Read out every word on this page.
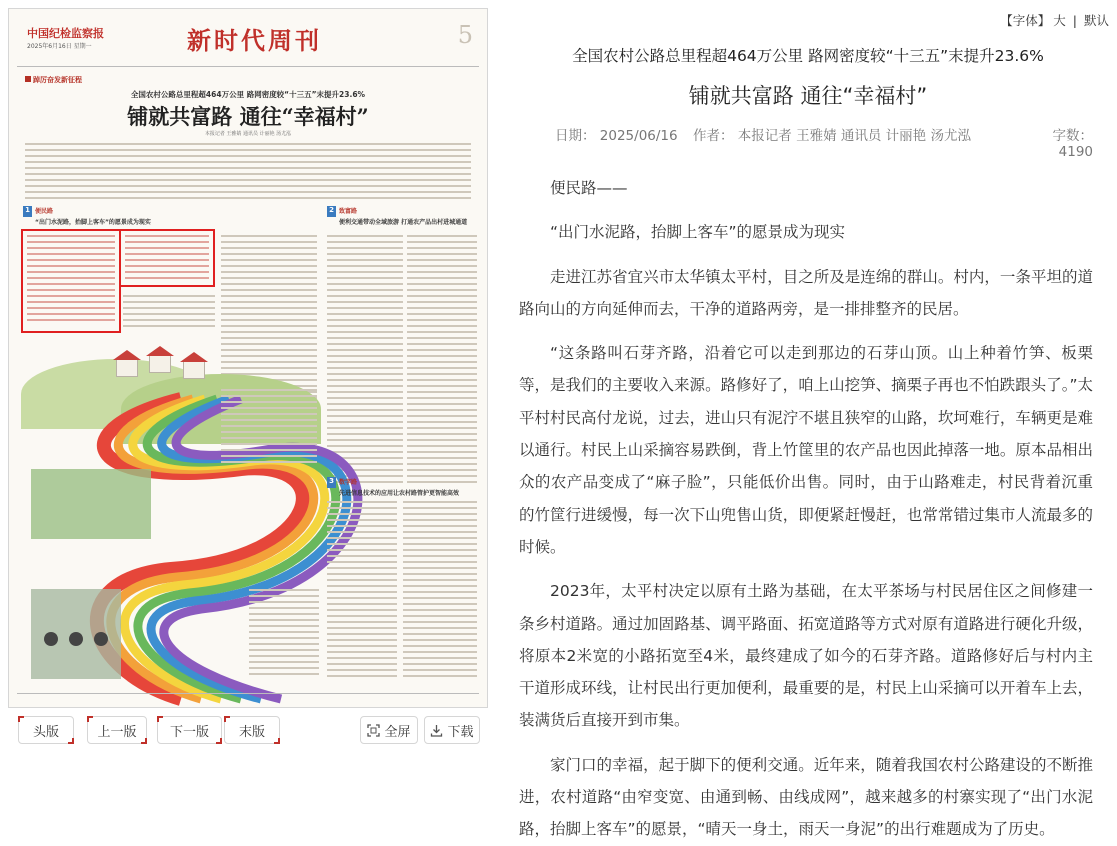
中国纪检监察报
2025年6月16日 星期一	新时代周刊	5
踔厉奋发新征程
全国农村公路总里程超464万公里 路网密度较“十三五”末提升23.6%
铺就共富路 通往“幸福村”
本报记者 王雅婧 通讯员 计丽艳 汤尤泓
1 便民路
“出门水泥路，抬脚上客车”的愿景成为现实
2 致富路
便利交通带动全域旅游 打通农产品出村进城通道
3 数字路
先进信息技术的应用让农村路管护更智能高效
头版	上一版	下一版 末版	全屏	下载
【字体】 大 | 默认
全国农村公路总里程超464万公里 路网密度较“十三五”末提升23.6%
铺就共富路 通往“幸福村”
日期： 2025/06/16	作者： 本报记者 王雅婧 通讯员 计丽艳 汤尤泓	字数： 4190

便民路——

“出门水泥路，抬脚上客车”的愿景成为现实

走进江苏省宜兴市太华镇太平村，目之所及是连绵的群山。村内，一条平坦的道路向山的方向延伸而去，干净的道路两旁，是一排排整齐的民居。

“这条路叫石芽齐路，沿着它可以走到那边的石芽山顶。山上种着竹笋、板栗等，是我们的主要收入来源。路修好了，咱上山挖笋、摘栗子再也不怕跌跟头了。”太平村村民高付龙说，过去，进山只有泥泞不堪且狭窄的山路，坎坷难行，车辆更是难以通行。村民上山采摘容易跌倒，背上竹筐里的农产品也因此掉落一地。原本品相出众的农产品变成了“麻子脸”，只能低价出售。同时，由于山路难走，村民背着沉重的竹筐行进缓慢，每一次下山兜售山货，即便紧赶慢赶，也常常错过集市人流最多的时候。

2023年，太平村决定以原有土路为基础，在太平茶场与村民居住区之间修建一条乡村道路。通过加固路基、调平路面、拓宽道路等方式对原有道路进行硬化升级，将原本2米宽的小路拓宽至4米，最终建成了如今的石芽齐路。道路修好后与村内主干道形成环线，让村民出行更加便利，最重要的是，村民上山采摘可以开着车上去，装满货后直接开到市集。

家门口的幸福，起于脚下的便利交通。近年来，随着我国农村公路建设的不断推进，农村道路“由窄变宽、由通到畅、由线成网”，越来越多的村寨实现了“出门水泥路，抬脚上客车”的愿景，“晴天一身土，雨天一身泥”的出行难题成为了历史。
